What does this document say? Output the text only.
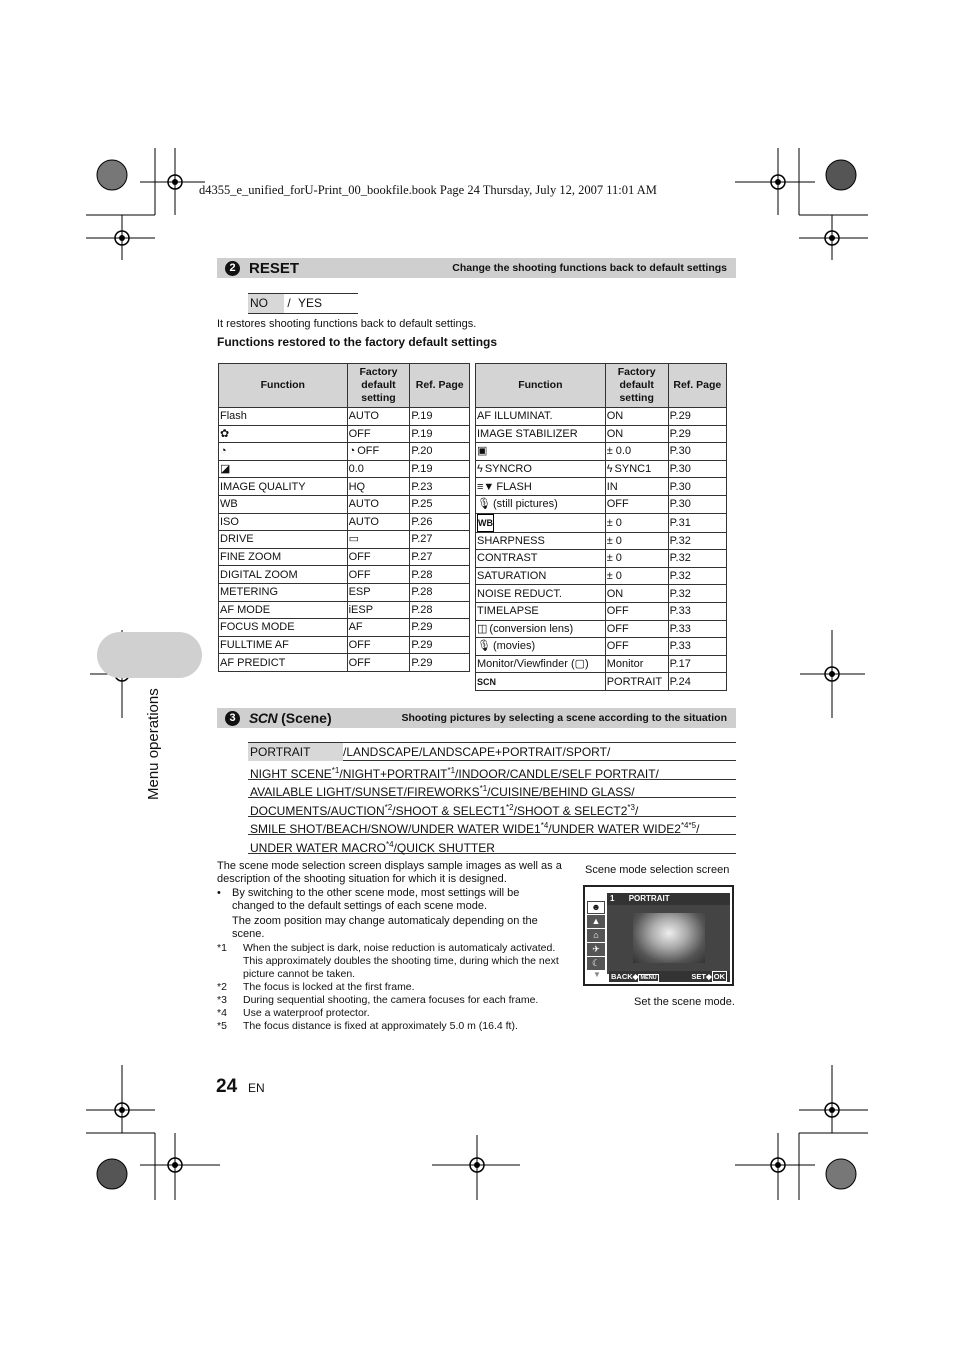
d4355_e_unified_forU-Print_00_bookfile.book Page 24 Thursday, July 12, 2007 11:01 AM
Menu operations
2 RESET	Change the shooting functions back to default settings
NO / YES
It restores shooting functions back to default settings.
Functions restored to the factory default settings
Function	Factory default setting	Ref. Page
Flash	AUTO	P.19
✿	OFF	P.19
◔	◔ OFF	P.20
◪	0.0	P.19
IMAGE QUALITY	HQ	P.23
WB	AUTO	P.25
ISO	AUTO	P.26
DRIVE	▭	P.27
FINE ZOOM	OFF	P.27
DIGITAL ZOOM	OFF	P.28
METERING	ESP	P.28
AF MODE	iESP	P.28
FOCUS MODE	AF	P.29
FULLTIME AF	OFF	P.29
AF PREDICT	OFF	P.29
Function	Factory default setting	Ref. Page
AF ILLUMINAT.	ON	P.29
IMAGE STABILIZER	ON	P.29
▣	± 0.0	P.30
ϟ SYNCRO	ϟ SYNC1	P.30
≡▼ FLASH	IN	P.30
🎙 (still pictures)	OFF	P.30
WB	± 0	P.31
SHARPNESS	± 0	P.32
CONTRAST	± 0	P.32
SATURATION	± 0	P.32
NOISE REDUCT.	ON	P.32
TIMELAPSE	OFF	P.33
◫ (conversion lens)	OFF	P.33
🎙 (movies)	OFF	P.33
Monitor/Viewfinder (▢)	Monitor	P.17
SCN	PORTRAIT	P.24
3 SCN (Scene)	Shooting pictures by selecting a scene according to the situation
PORTRAIT	/LANDSCAPE/LANDSCAPE+PORTRAIT/SPORT/
NIGHT $SCENE^{*1}/NIGHT+PORTRAIT^{*1}/INDOOR/CANDLE$/SELF PORTRAIT/
AVAILABLE LIGHT/SUNSET/FIREWORKS$^{*1}$/CUISINE/BEHIND GLASS/
DOCUMENTS/AUCTION$^{*2}$/SHOOT & SELECT1$^{*2}$/SHOOT & SELECT2$^{*3}$/
SMILE SHOT/BEACH/SNOW/UNDER WATER WIDE1$^{*4}$/UNDER WATER $WIDE2^{*4*5}/$
UNDER WATER MACRO$^{*4}$/QUICK SHUTTER
The scene mode selection screen displays sample images as well as a description of the shooting situation for which it is designed.
• By switching to the other scene mode, most settings will be changed to the default settings of each scene mode.
The zoom position may change automaticaly depending on the scene.
*1	When the subject is dark, noise reduction is automaticaly activated. This approximately doubles the shooting time, during which the next picture cannot be taken.
*2	The focus is locked at the first frame.
*3	During sequential shooting, the camera focuses for each frame.
*4	Use a waterproof protector.
*5	The focus distance is fixed at approximately 5.0 m (16.4 ft).
Scene mode selection screen
☻
▲
⌂
✈
☾
▼
1 PORTRAIT
BACK◆ MENU	SET◆ OK
Set the scene mode.
24 EN
